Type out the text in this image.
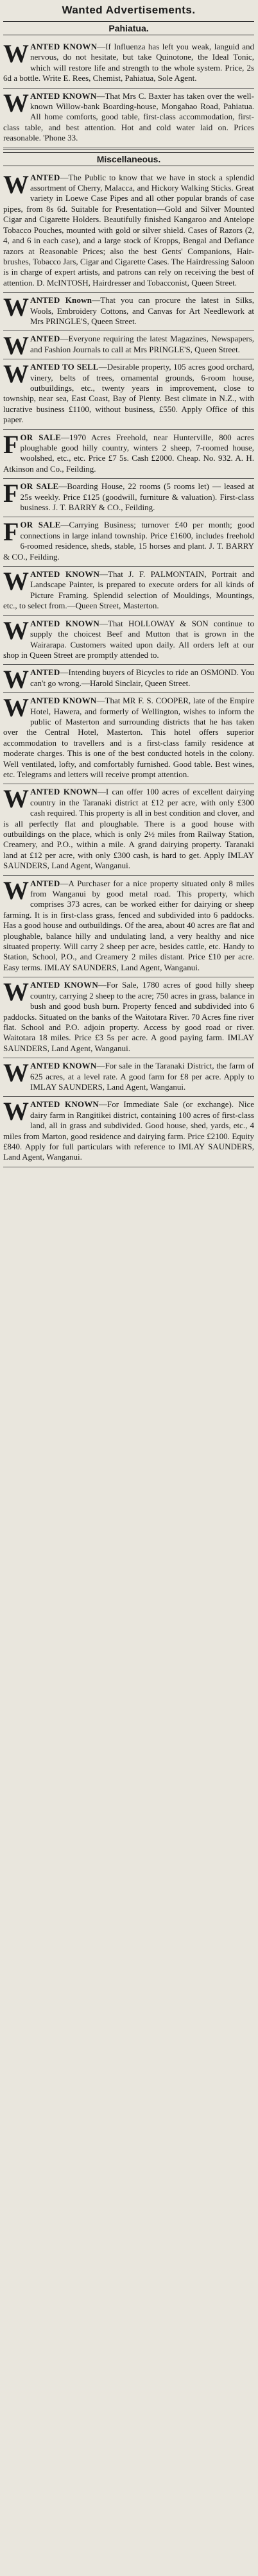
Wanted Advertisements.
Pahiatua.
WANTED KNOWN—If Influenza has left you weak, languid and nervous, do not hesitate, but take Quinotone, the Ideal Tonic, which will restore life and strength to the whole system. Price, 2s 6d a bottle. Write E. Rees, Chemist, Pahiatua, Sole Agent.
WANTED KNOWN—That Mrs C. Baxter has taken over the well-known Willow-bank Boarding-house, Mongahao Road, Pahiatua. All home comforts, good table, first-class accommodation, first-class table, and best attention. Hot and cold water laid on. Prices reasonable. 'Phone 33.
Miscellaneous.
WANTED—The Public to know that we have in stock a splendid assortment of Cherry, Malacca, and Hickory Walking Sticks. Great variety in Loewe Case Pipes and all other popular brands of case pipes, from 8s 6d. Suitable for Presentation—Gold and Silver Mounted Cigar and Cigarette Holders. Beautifully finished Kangaroo and Antelope Tobacco Pouches, mounted with gold or silver shield. Cases of Razors (2, 4, and 6 in each case), and a large stock of Kropps, Bengal and Defiance razors at Reasonable Prices; also the best Gents' Companions, Hair-brushes, Tobacco Jars, Cigar and Cigarette Cases. The Hairdressing Saloon is in charge of expert artists, and patrons can rely on receiving the best of attention. D. McINTOSH, Hairdresser and Tobacconist, Queen Street.
WANTED Known—That you can procure the latest in Silks, Wools, Embroidery Cottons, and Canvas for Art Needlework at Mrs PRINGLE'S, Queen Street.
WANTED—Everyone requiring the latest Magazines, Newspapers, and Fashion Journals to call at Mrs PRINGLE'S, Queen Street.
WANTED TO SELL—Desirable property, 105 acres good orchard, vinery, belts of trees, ornamental grounds, 6-room house, outbuildings, etc., twenty years in improvement, close to township, near sea, East Coast, Bay of Plenty. Best climate in N.Z., with lucrative business £1100, without business, £550. Apply Office of this paper.
FOR SALE—1970 Acres Freehold, near Hunterville, 800 acres ploughable good hilly country, winters 2 sheep, 7-roomed house, woolshed, etc., etc. Price £7 5s. Cash £2000. Cheap. No. 932. A. H. Atkinson and Co., Feilding.
FOR SALE—Boarding House, 22 rooms (5 rooms let) — leased at 25s weekly. Price £125 (goodwill, furniture & valuation). First-class business. J. T. BARRY & CO., Feilding.
FOR SALE—Carrying Business; turnover £40 per month; good connections in large inland township. Price £1600, includes freehold 6-roomed residence, sheds, stable, 15 horses and plant. J. T. BARRY & CO., Feilding.
WANTED KNOWN—That J. F. PALMONTAIN, Portrait and Landscape Painter, is prepared to execute orders for all kinds of Picture Framing. Splendid selection of Mouldings, Mountings, etc., to select from.—Queen Street, Masterton.
WANTED KNOWN—That HOLLOWAY & SON continue to supply the choicest Beef and Mutton that is grown in the Wairarapa. Customers waited upon daily. All orders left at our shop in Queen Street are promptly attended to.
WANTED—Intending buyers of Bicycles to ride an OSMOND. You can't go wrong.—Harold Sinclair, Queen Street.
WANTED KNOWN—That MR F. S. COOPER, late of the Empire Hotel, Hawera, and formerly of Wellington, wishes to inform the public of Masterton and surrounding districts that he has taken over the Central Hotel, Masterton. This hotel offers superior accommodation to travellers and is a first-class family residence at moderate charges. This is one of the best conducted hotels in the colony. Well ventilated, lofty, and comfortably furnished. Good table. Best wines, etc. Telegrams and letters will receive prompt attention.
WANTED KNOWN—I can offer 100 acres of excellent dairying country in the Taranaki district at £12 per acre, with only £300 cash required. This property is all in best condition and clover, and is all perfectly flat and ploughable. There is a good house with outbuildings on the place, which is only 2½ miles from Railway Station, Creamery, and P.O., within a mile. A grand dairying property. Taranaki land at £12 per acre, with only £300 cash, is hard to get. Apply IMLAY SAUNDERS, Land Agent, Wanganui.
WANTED—A Purchaser for a nice property situated only 8 miles from Wanganui by good metal road. This property, which comprises 373 acres, can be worked either for dairying or sheep farming. It is in first-class grass, fenced and subdivided into 6 paddocks. Has a good house and outbuildings. Of the area, about 40 acres are flat and ploughable, balance hilly and undulating land, a very healthy and nice situated property. Will carry 2 sheep per acre, besides cattle, etc. Handy to Station, School, P.O., and Creamery 2 miles distant. Price £10 per acre. Easy terms. IMLAY SAUNDERS, Land Agent, Wanganui.
WANTED KNOWN—For Sale, 1780 acres of good hilly sheep country, carrying 2 sheep to the acre; 750 acres in grass, balance in bush and good bush burn. Property fenced and subdivided into 6 paddocks. Situated on the banks of the Waitotara River. 70 Acres fine river flat. School and P.O. adjoin property. Access by good road or river. Waitotara 18 miles. Price £3 5s per acre. A good paying farm. IMLAY SAUNDERS, Land Agent, Wanganui.
WANTED KNOWN—For sale in the Taranaki District, the farm of 625 acres, at a level rate. A good farm for £8 per acre. Apply to IMLAY SAUNDERS, Land Agent, Wanganui.
WANTED KNOWN—For Immediate Sale (or exchange). Nice dairy farm in Rangitikei district, containing 100 acres of first-class land, all in grass and subdivided. Good house, shed, yards, etc., 4 miles from Marton, good residence and dairying farm. Price £2100. Equity £840. Apply for full particulars with reference to IMLAY SAUNDERS, Land Agent, Wanganui.
